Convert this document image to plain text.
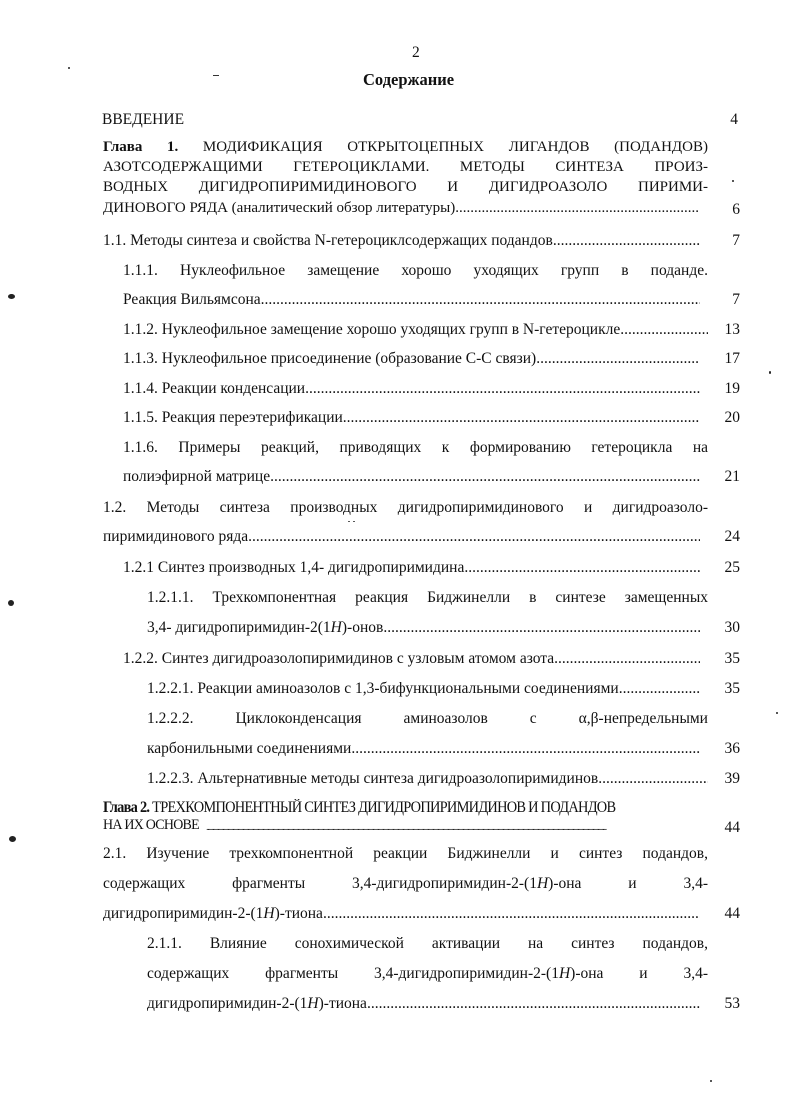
2
Содержание
ВВЕДЕНИЕ	4
Глава 1. МОДИФИКАЦИЯ ОТКРЫТОЦЕПНЫХ ЛИГАНДОВ (ПОДАНДОВ)
АЗОТСОДЕРЖАЩИМИ ГЕТЕРОЦИКЛАМИ. МЕТОДЫ СИНТЕЗА ПРОИЗ-
ВОДНЫХ ДИГИДРОПИРИМИДИНОВОГО И ДИГИДРОАЗОЛО ПИРИМИ-
ДИНОВОГО РЯДА (аналитический обзор литературы) .....	6
1.1. Методы синтеза и свойства N-гетероциклсодержащих подандов .....	7
1.1.1. Нуклеофильное замещение хорошо уходящих групп в поданде.
Реакция Вильямсона .....	7
1.1.2. Нуклеофильное замещение хорошо уходящих групп в N-гетероцикле .....	13
1.1.3. Нуклеофильное присоединение (образование С-С связи) .....	17
1.1.4. Реакции конденсации .....	19
1.1.5. Реакция переэтерификации .....	20
1.1.6. Примеры реакций, приводящих к формированию гетероцикла на
полиэфирной матрице .....	21
1.2. Методы синтеза производных дигидропиримидинового и дигидроазоло-
пиримидинового ряда .....	24
1.2.1 Синтез производных 1,4- дигидропиримидина .....	25
1.2.1.1. Трехкомпонентная реакция Биджинелли в синтезе замещенных
3,4- дигидропиримидин-2(1H)-онов .....	30
1.2.2. Синтез дигидроазолопиримидинов с узловым атомом азота .....	35
1.2.2.1. Реакции аминоазолов с 1,3-бифункциональными соединениями .....	35
1.2.2.2.	Циклоконденсация	аминоазолов	с	α,β-непредельными
карбонильными соединениями .....	36
1.2.2.3. Альтернативные методы синтеза дигидроазолопиримидинов .....	39
Глава 2. ТРЕХКОМПОНЕНТНЫЙ СИНТЕЗ ДИГИДРОПИРИМИДИНОВ И ПОДАНДОВ
НА ИХ ОСНОВЕ .....	44
2.1. Изучение трехкомпонентной реакции Биджинелли и синтез подандов,
содержащих	фрагменты	3,4-дигидропиримидин-2-(1H)-она	и	3,4-
дигидропиримидин-2-(1H)-тиона .....	44
2.1.1. Влияние сонохимической активации на синтез подандов,
содержащих фрагменты 3,4-дигидропиримидин-2-(1H)-она и 3,4-
дигидропиримидин-2-(1H)-тиона .....	53
